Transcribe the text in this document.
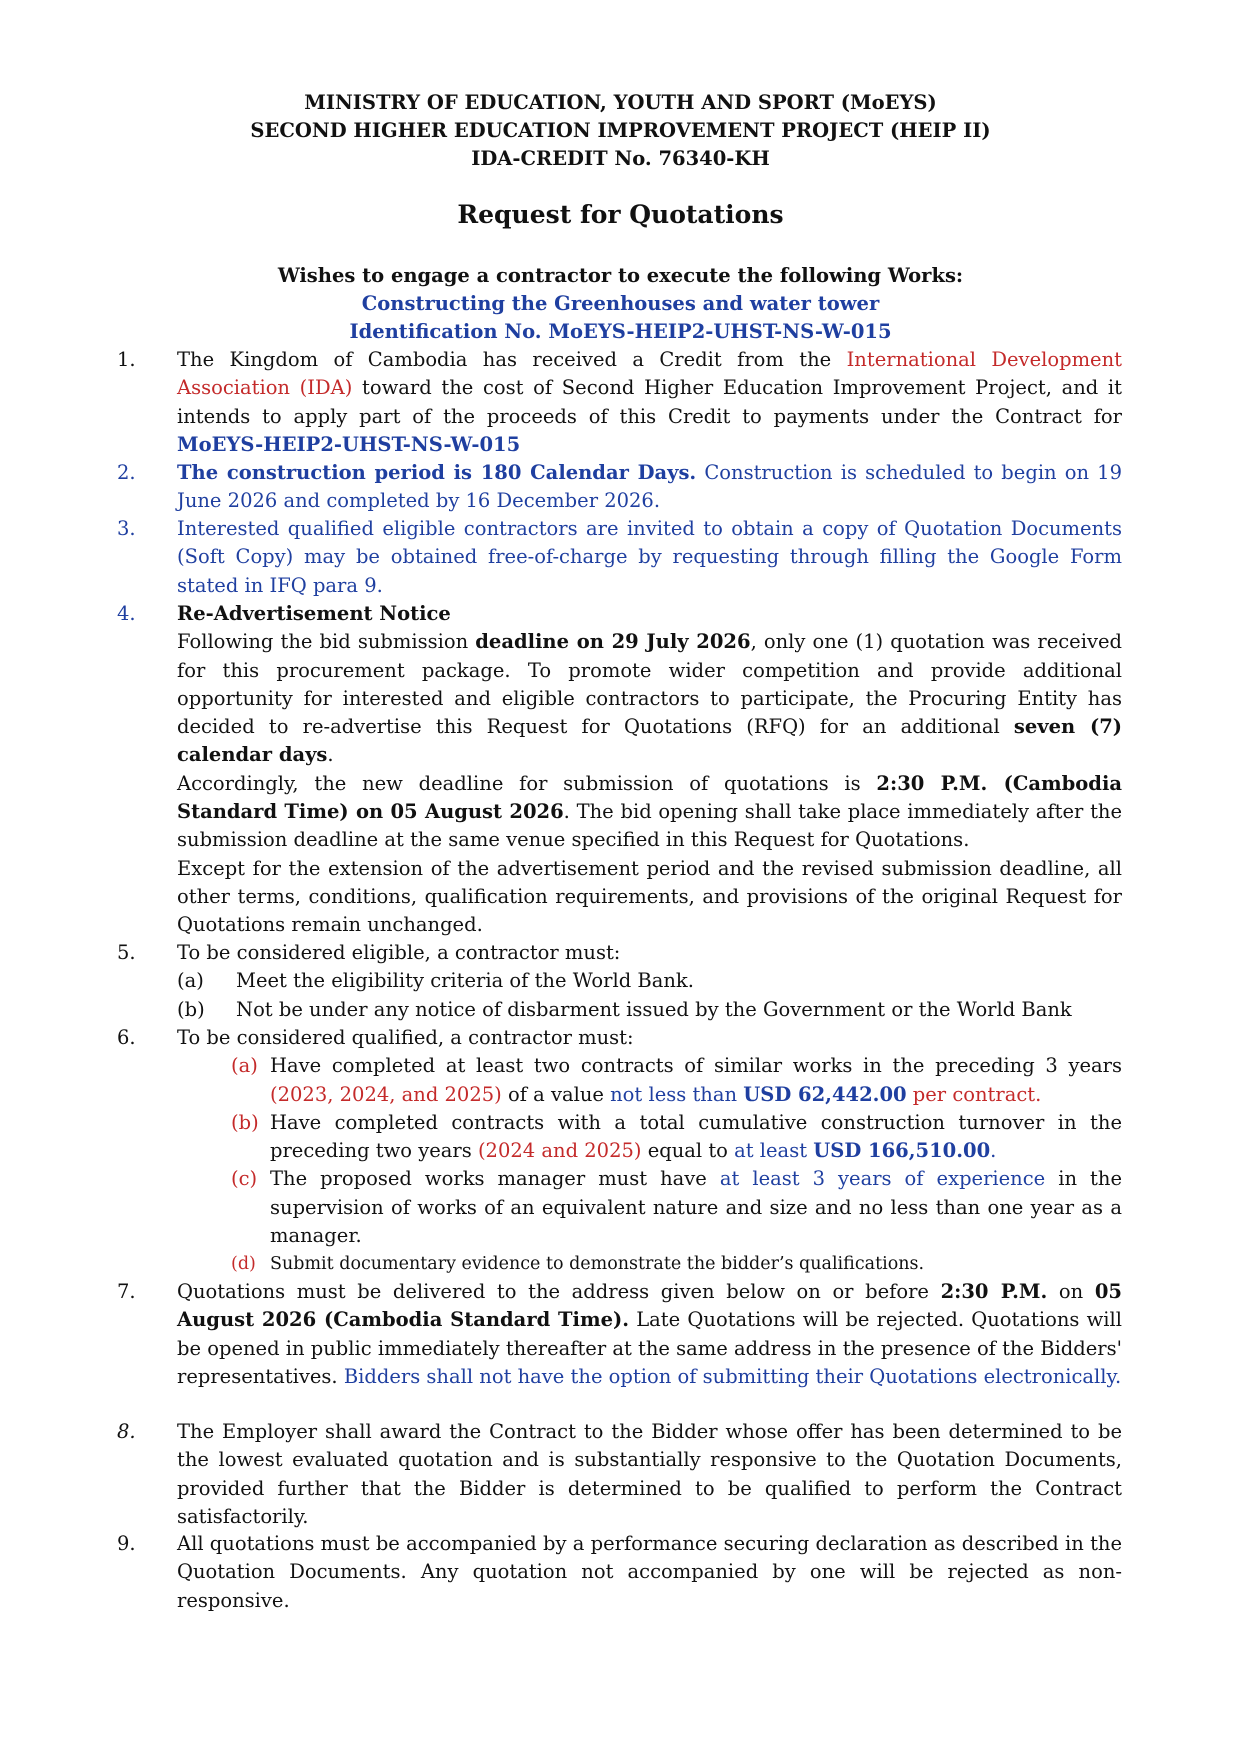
MINISTRY OF EDUCATION, YOUTH AND SPORT (MoEYS)
SECOND HIGHER EDUCATION IMPROVEMENT PROJECT (HEIP II)
IDA-CREDIT No. 76340-KH
Request for Quotations
Wishes to engage a contractor to execute the following Works:
Constructing the Greenhouses and water tower
Identification No. MoEYS-HEIP2-UHST-NS-W-015
1. The Kingdom of Cambodia has received a Credit from the International Development Association (IDA) toward the cost of Second Higher Education Improvement Project, and it intends to apply part of the proceeds of this Credit to payments under the Contract for MoEYS-HEIP2-UHST-NS-W-015
2. The construction period is 180 Calendar Days. Construction is scheduled to begin on 19 June 2026 and completed by 16 December 2026.
3. Interested qualified eligible contractors are invited to obtain a copy of Quotation Documents (Soft Copy) may be obtained free-of-charge by requesting through filling the Google Form stated in IFQ para 9.
4. Re-Advertisement Notice

Following the bid submission deadline on 29 July 2026, only one (1) quotation was received for this procurement package. To promote wider competition and provide additional opportunity for interested and eligible contractors to participate, the Procuring Entity has decided to re-advertise this Request for Quotations (RFQ) for an additional seven (7) calendar days.

Accordingly, the new deadline for submission of quotations is 2:30 P.M. (Cambodia Standard Time) on 05 August 2026. The bid opening shall take place immediately after the submission deadline at the same venue specified in this Request for Quotations.

Except for the extension of the advertisement period and the revised submission deadline, all other terms, conditions, qualification requirements, and provisions of the original Request for Quotations remain unchanged.

5. To be considered eligible, a contractor must:

(a) Meet the eligibility criteria of the World Bank.
(b) Not be under any notice of disbarment issued by the Government or the World Bank
6. To be considered qualified, a contractor must:

(a) Have completed at least two contracts of similar works in the preceding 3 years (2023, 2024, and 2025) of a value not less than USD 62,442.00 per contract.
(b) Have completed contracts with a total cumulative construction turnover in the preceding two years (2024 and 2025) equal to at least USD 166,510.00.
(c) The proposed works manager must have at least 3 years of experience in the supervision of works of an equivalent nature and size and no less than one year as a manager.
(d) Submit documentary evidence to demonstrate the bidder’s qualifications.
7. Quotations must be delivered to the address given below on or before 2:30 P.M. on 05 August 2026 (Cambodia Standard Time). Late Quotations will be rejected. Quotations will be opened in public immediately thereafter at the same address in the presence of the Bidders' representatives. Bidders shall not have the option of submitting their Quotations electronically.
8. The Employer shall award the Contract to the Bidder whose offer has been determined to be the lowest evaluated quotation and is substantially responsive to the Quotation Documents, provided further that the Bidder is determined to be qualified to perform the Contract satisfactorily.
9. All quotations must be accompanied by a performance securing declaration as described in the Quotation Documents. Any quotation not accompanied by one will be rejected as non-responsive.
